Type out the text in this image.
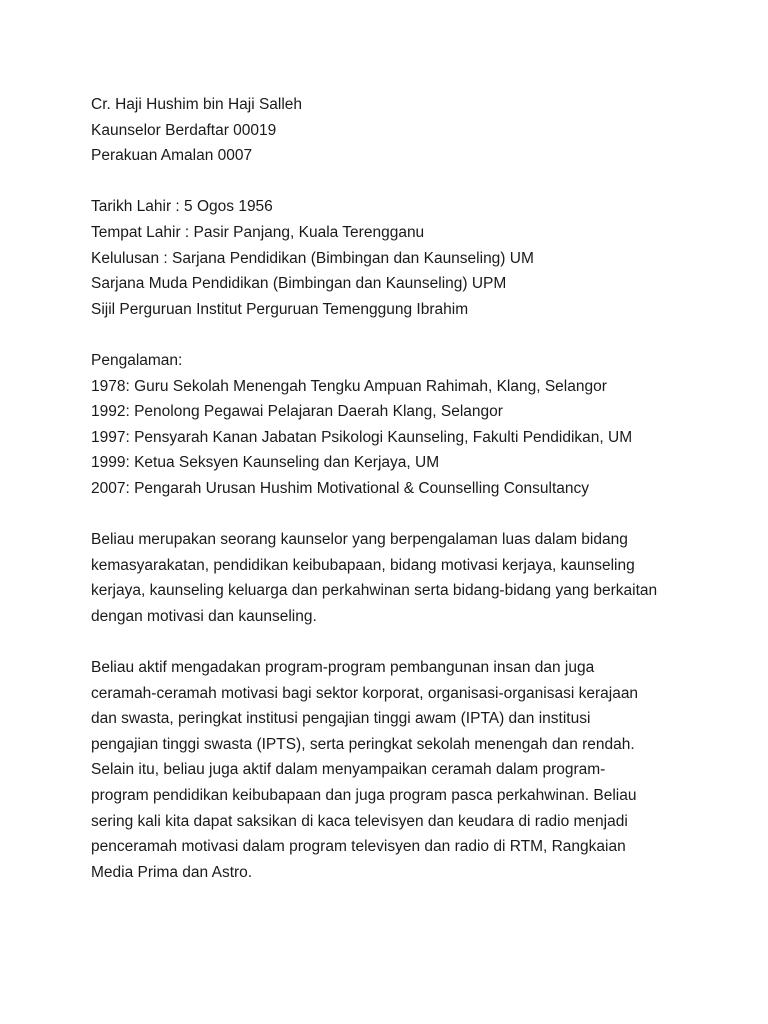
Cr. Haji Hushim bin Haji Salleh
Kaunselor Berdaftar 00019
Perakuan Amalan 0007
Tarikh Lahir : 5 Ogos 1956
Tempat Lahir : Pasir Panjang, Kuala Terengganu
Kelulusan : Sarjana Pendidikan (Bimbingan dan Kaunseling) UM
Sarjana Muda Pendidikan (Bimbingan dan Kaunseling) UPM
Sijil Perguruan Institut Perguruan Temenggung Ibrahim
Pengalaman:
1978: Guru Sekolah Menengah Tengku Ampuan Rahimah, Klang, Selangor
1992: Penolong Pegawai Pelajaran Daerah Klang, Selangor
1997: Pensyarah Kanan Jabatan Psikologi Kaunseling, Fakulti Pendidikan, UM
1999: Ketua Seksyen Kaunseling dan Kerjaya, UM
2007: Pengarah Urusan Hushim Motivational & Counselling Consultancy
Beliau merupakan seorang kaunselor yang berpengalaman luas dalam bidang
kemasyarakatan, pendidikan keibubapaan, bidang motivasi kerjaya, kaunseling
kerjaya, kaunseling keluarga dan perkahwinan serta bidang-bidang yang berkaitan
dengan motivasi dan kaunseling.
Beliau aktif mengadakan program-program pembangunan insan dan juga
ceramah-ceramah motivasi bagi sektor korporat, organisasi-organisasi kerajaan
dan swasta, peringkat institusi pengajian tinggi awam (IPTA) dan institusi
pengajian tinggi swasta (IPTS), serta peringkat sekolah menengah dan rendah.
Selain itu, beliau juga aktif dalam menyampaikan ceramah dalam program-
program pendidikan keibubapaan dan juga program pasca perkahwinan. Beliau
sering kali kita dapat saksikan di kaca televisyen dan keudara di radio menjadi
penceramah motivasi dalam program televisyen dan radio di RTM, Rangkaian
Media Prima dan Astro.
